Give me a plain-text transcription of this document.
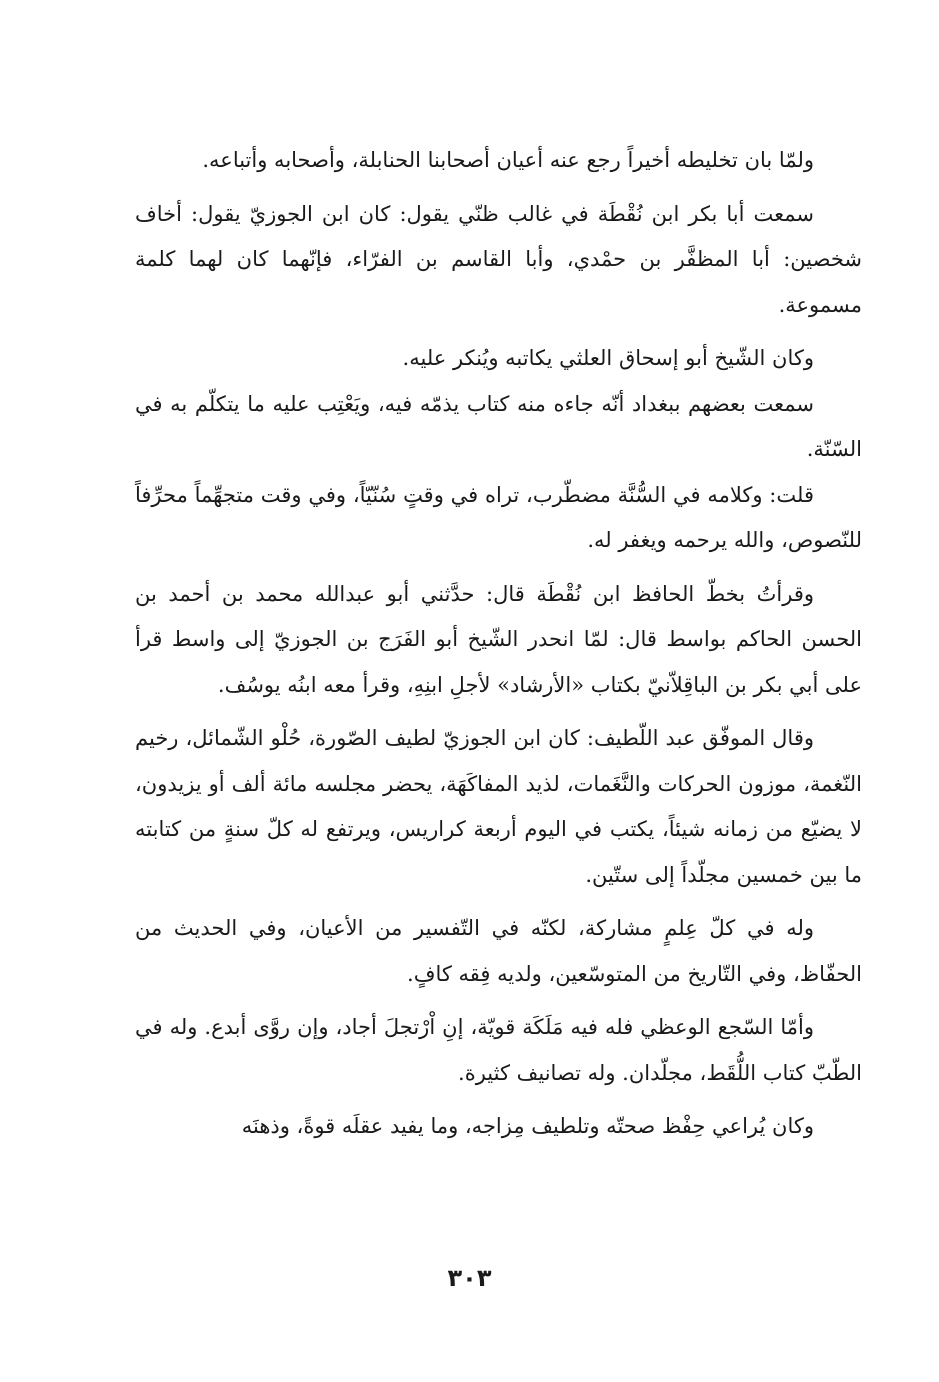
ولمّا بان تخليطه أخيراً رجع عنه أعيان أصحابنا الحنابلة، وأصحابه وأتباعه.

سمعت أبا بكر ابن نُقْطَة في غالب ظنّي يقول: كان ابن الجوزيّ يقول: أخاف شخصين: أبا المظفَّر بن حمْدي، وأبا القاسم بن الفرّاء، فإنّهما كان لهما كلمة مسموعة.

وكان الشّيخ أبو إسحاق العلثي يكاتبه ويُنكر عليه.

سمعت بعضهم ببغداد أنّه جاءه منه كتاب يذمّه فيه، ويَعْتِب عليه ما يتكلّم به في السّنّة.

قلت: وكلامه في السُّنَّة مضطّرب، تراه في وقتٍ سُنّيّاً، وفي وقت متجهِّماً محرِّفاً للنّصوص، والله يرحمه ويغفر له.

وقرأتُ بخطّ الحافظ ابن نُقْطَة قال: حدَّثني أبو عبدالله محمد بن أحمد بن الحسن الحاكم بواسط قال: لمّا انحدر الشّيخ أبو الفَرَج بن الجوزيّ إلى واسط قرأ على أبي بكر بن الباقِلاّنيّ بكتاب «الأرشاد» لأجلِ ابنِهِ، وقرأ معه ابنُه يوسُف.

وقال الموفّق عبد اللّطيف: كان ابن الجوزيّ لطيف الصّورة، حُلْو الشّمائل، رخيم النّغمة، موزون الحركات والنَّغَمات، لذيد المفاكَهَة، يحضر مجلسه مائة ألف أو يزيدون، لا يضيّع من زمانه شيئاً، يكتب في اليوم أربعة كراريس، ويرتفع له كلّ سنةٍ من كتابته ما بين خمسين مجلّداً إلى ستّين.

وله في كلّ عِلمٍ مشاركة، لكنّه في التّفسير من الأعيان، وفي الحديث من الحفّاظ، وفي التّاريخ من المتوسّعين، ولديه فِقه كافٍ.

وأمّا السّجع الوعظي فله فيه مَلَكَة قويّة، إنِ اْرْتجلَ أجاد، وإن روَّى أبدع. وله في الطّبّ كتاب اللُّقَط، مجلّدان. وله تصانيف كثيرة.

وكان يُراعي حِفْظ صحتّه وتلطيف مِزاجه، وما يفيد عقلَه قوةً، وذهنَه

٣٠٣
